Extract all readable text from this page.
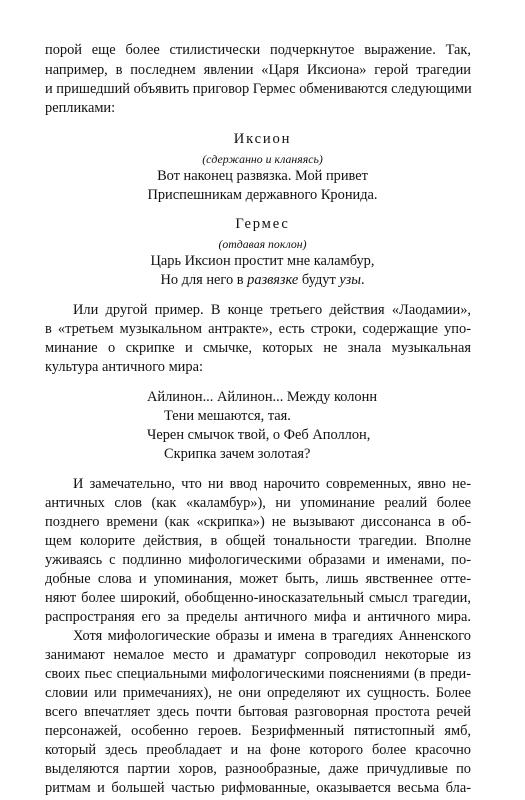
порой еще более стилистически подчеркнутое выражение. Так,
например, в последнем явлении «Царя Иксиона» герой трагедии
и пришедший объявить приговор Гермес обмениваются следующими
репликами:
Иксион
(сдержанно и кланяясь)
Вот наконец развязка. Мой привет
Приспешникам державного Кронида.
Гермес
(отдавая поклон)
Царь Иксион простит мне каламбур,
Но для него в развязке будут узы.
Или другой пример. В конце третьего действия «Лаодамии»,
в «третьем музыкальном антракте», есть строки, содержащие упо-
минание о скрипке и смычке, которых не знала музыкальная
культура античного мира:
Айлинон... Айлинон... Между колонн
Тени мешаются, тая.
Черен смычок твой, о Феб Аполлон,
Скрипка зачем золотая?
И замечательно, что ни ввод нарочито современных, явно не-
античных слов (как «каламбур»), ни упоминание реалий более
позднего времени (как «скрипка») не вызывают диссонанса в об-
щем колорите действия, в общей тональности трагедии. Вполне
уживаясь с подлинно мифологическими образами и именами, по-
добные слова и упоминания, может быть, лишь явственнее отте-
няют более широкий, обобщенно-иносказательный смысл трагедии,
распространяя его за пределы античного мифа и античного мира.
Хотя мифологические образы и имена в трагедиях Анненского
занимают немалое место и драматург сопроводил некоторые из
своих пьес специальными мифологическими пояснениями (в преди-
словии или примечаниях), не они определяют их сущность. Более
всего впечатляет здесь почти бытовая разговорная простота речей
персонажей, особенно героев. Безрифменный пятистопный ямб,
который здесь преобладает и на фоне которого более красочно
выделяются партии хоров, разнообразные, даже причудливые по
ритмам и большей частью рифмованные, оказывается весьма бла-
